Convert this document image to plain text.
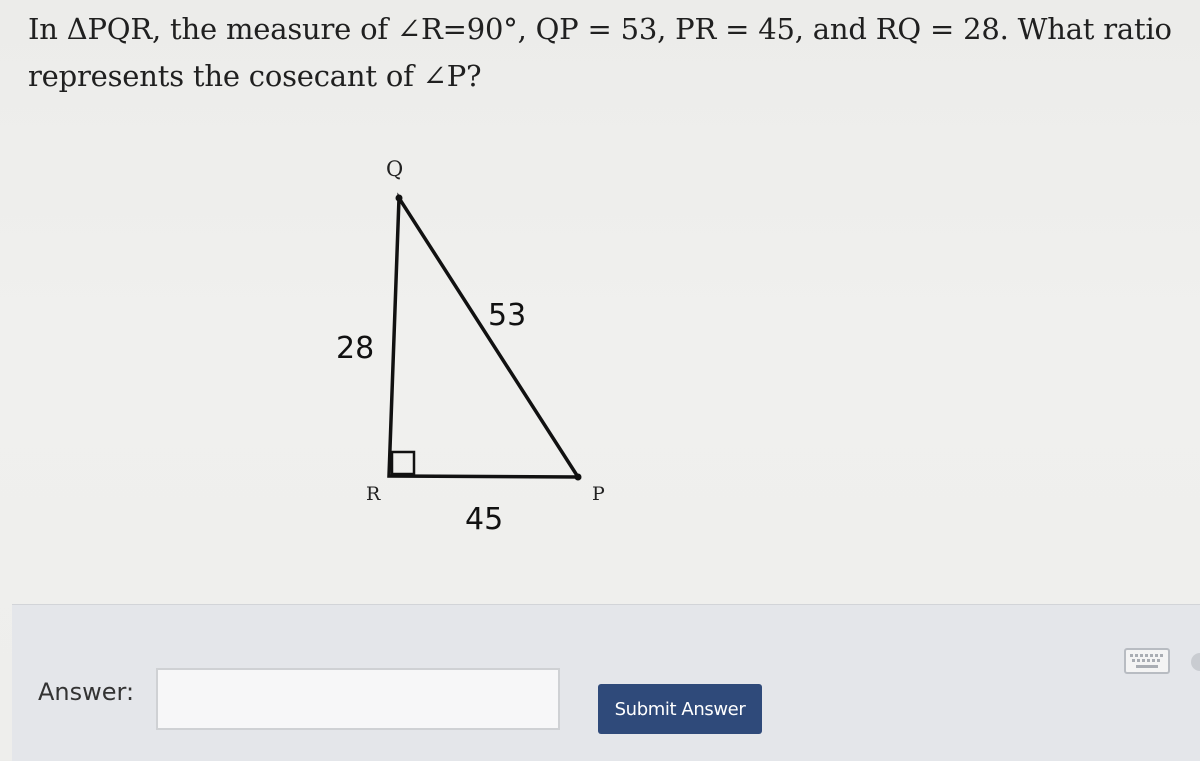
In ΔPQR, the measure of ∠R=90°, QP = 53, PR = 45, and RQ = 28. What ratio
represents the cosecant of ∠P?
Q
R	P
28
53
45
Answer:
Submit Answer
